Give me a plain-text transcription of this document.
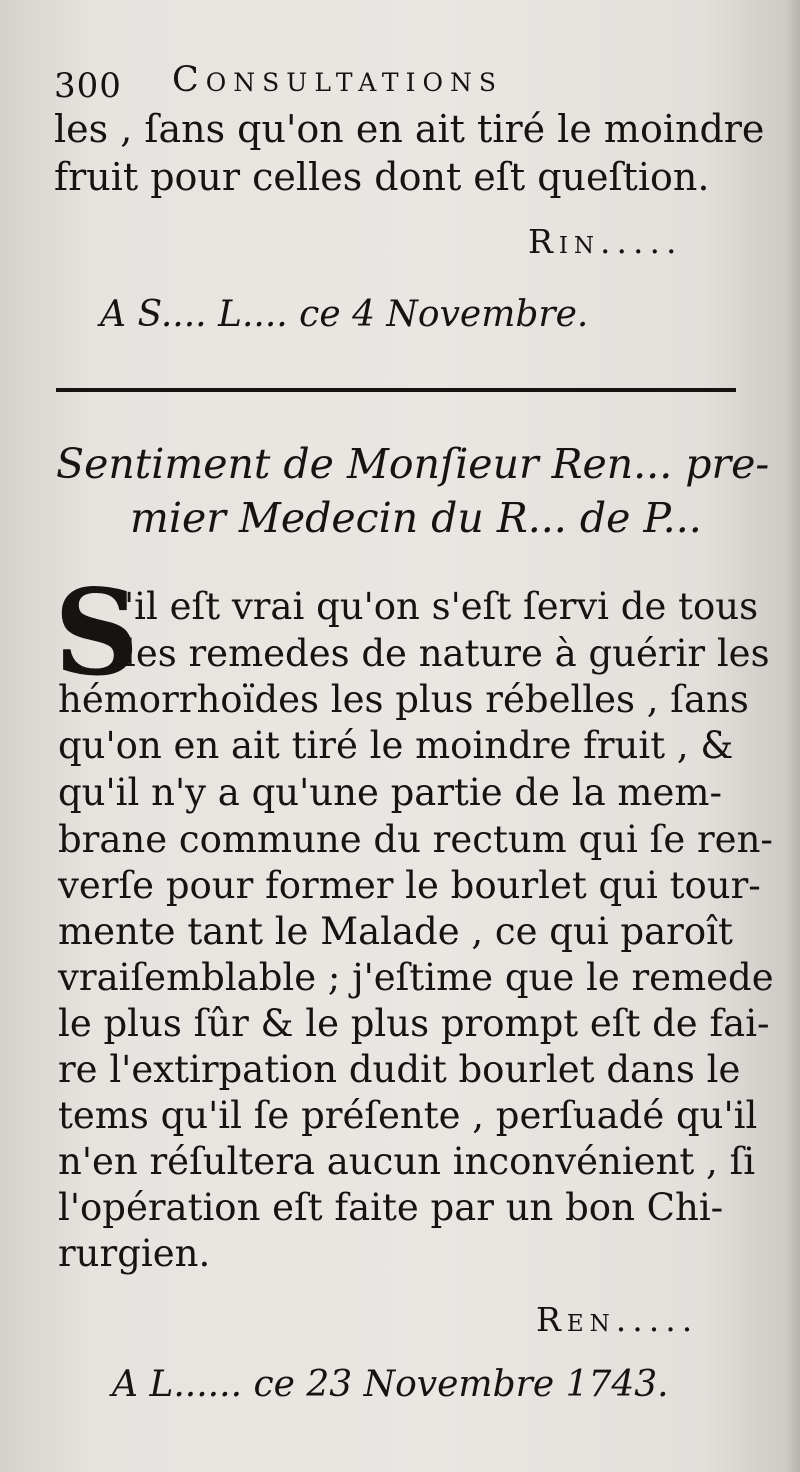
300 Consultations
les , ſans qu'on en ait tiré le moindre
fruit pour celles dont eſt queſtion.
Rin.....
A S.... L.... ce 4 Novembre.
Sentiment de Monſieur Ren... pre-
mier Medecin du R... de P...
S
'il eſt vrai qu'on s'eſt ſervi de tous
les remedes de nature à guérir les
hémorrhoïdes les plus rébelles , ſans
qu'on en ait tiré le moindre fruit , &
qu'il n'y a qu'une partie de la mem-
brane commune du rectum qui ſe ren-
verſe pour former le bourlet qui tour-
mente tant le Malade , ce qui paroît
vraiſemblable ; j'eſtime que le remede
le plus ſûr & le plus prompt eſt de fai-
re l'extirpation dudit bourlet dans le
tems qu'il ſe préſente , perſuadé qu'il
n'en réſultera aucun inconvénient , ſi
l'opération eſt faite par un bon Chi-
rurgien.
Ren.....
A L...... ce 23 Novembre 1743.
